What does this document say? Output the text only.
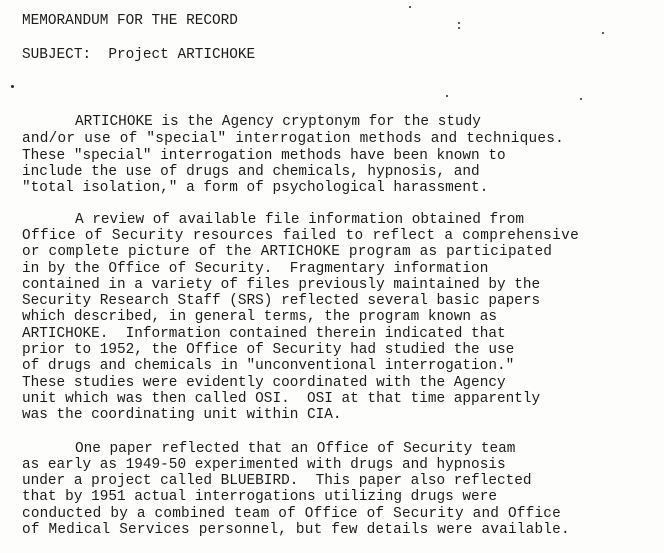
MEMORANDUM FOR THE RECORD
SUBJECT:  Project ARTICHOKE
ARTICHOKE is the Agency cryptonym for the study
and/or use of "special" interrogation methods and techniques.
These "special" interrogation methods have been known to
include the use of drugs and chemicals, hypnosis, and
"total isolation," a form of psychological harassment.
A review of available file information obtained from
Office of Security resources failed to reflect a comprehensive
or complete picture of the ARTICHOKE program as participated
in by the Office of Security.  Fragmentary information
contained in a variety of files previously maintained by the
Security Research Staff (SRS) reflected several basic papers
which described, in general terms, the program known as
ARTICHOKE.  Information contained therein indicated that
prior to 1952, the Office of Security had studied the use
of drugs and chemicals in "unconventional interrogation."
These studies were evidently coordinated with the Agency
unit which was then called OSI.  OSI at that time apparently
was the coordinating unit within CIA.
One paper reflected that an Office of Security team
as early as 1949-50 experimented with drugs and hypnosis
under a project called BLUEBIRD.  This paper also reflected
that by 1951 actual interrogations utilizing drugs were
conducted by a combined team of Office of Security and Office
of Medical Services personnel, but few details were available.
